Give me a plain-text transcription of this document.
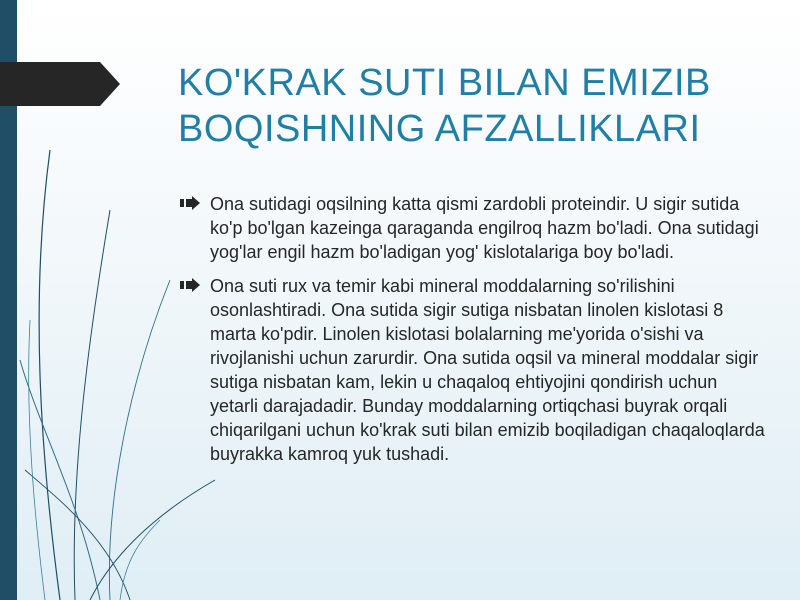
KO'KRAK SUTI BILAN EMIZIB BOQISHNING AFZALLIKLARI
Ona sutidagi oqsilning katta qismi zardobli proteindir. U sigir sutida ko'p bo'lgan kazeinga qaraganda engilroq hazm bo'ladi. Ona sutidagi yog'lar engil hazm bo'ladigan yog' kislotalariga boy bo'ladi.
Ona suti rux va temir kabi mineral moddalarning so'rilishini osonlashtiradi. Ona sutida sigir sutiga nisbatan linolen kislotasi 8 marta ko'pdir. Linolen kislotasi bolalarning me'yorida o'sishi va rivojlanishi uchun zarurdir. Ona sutida oqsil va mineral moddalar sigir sutiga nisbatan kam, lekin u chaqaloq ehtiyojini qondirish uchun yetarli darajadadir. Bunday moddalarning ortiqchasi buyrak orqali chiqarilgani uchun ko'krak suti bilan emizib boqiladigan chaqaloqlarda buyrakka kamroq yuk tushadi.
